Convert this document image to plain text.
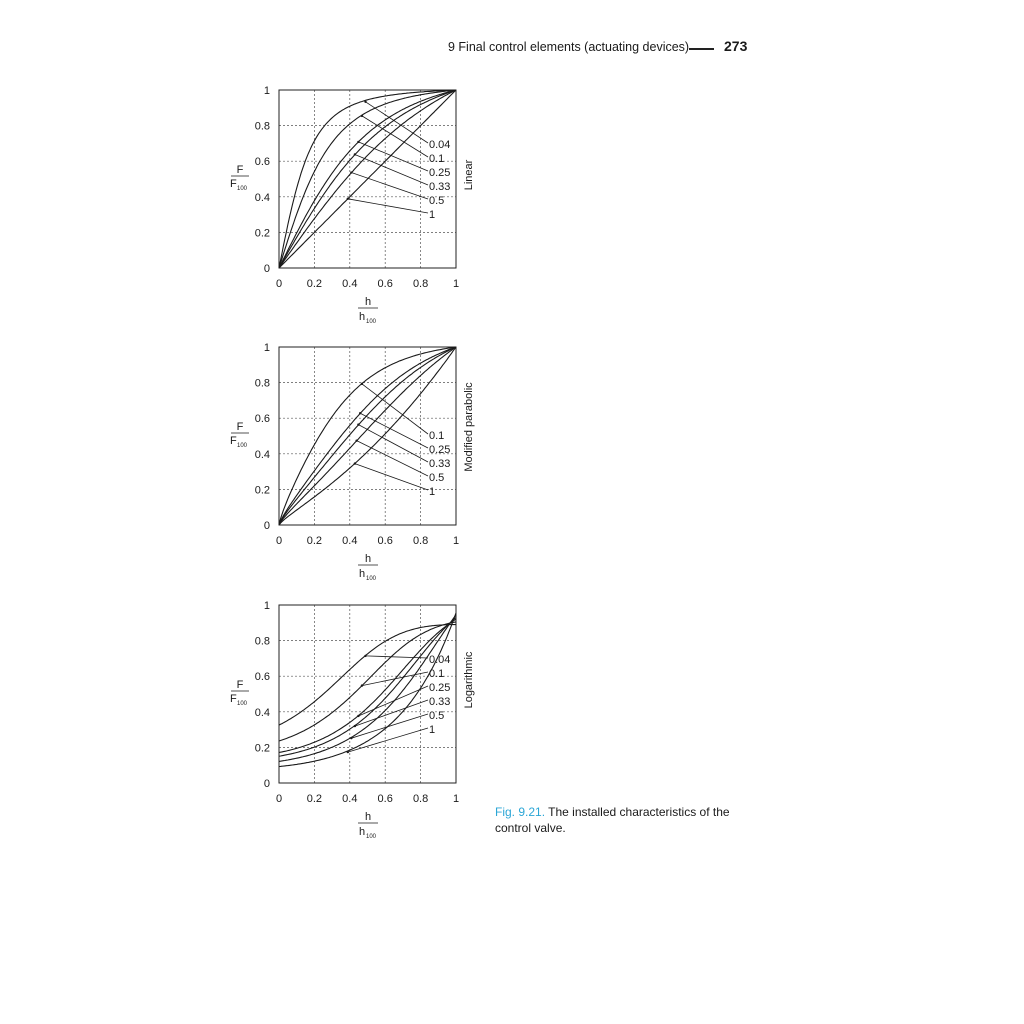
9 Final control elements (actuating devices) 273
Linear
h
h 100
F
F 100
0
0.2
0.4
0.6
0.8
1
0 0.2 0.4 0.6 0.8 1
0.04
0.1
0.25
0.33
0.5
1
Modified parabolic
h
h 100
F
F 100
0
0.2
0.4
0.6
0.8
1
0 0.2 0.4 0.6 0.8 1
0.1
0.25
0.33
0.5
1
Logarithmic
h
h 100
F
F 100
0
0.2
0.4
0.6
0.8
1
0 0.2 0.4 0.6 0.8 1
0.04
0.1
0.25
0.33
0.5
1
Fig. 9.21. The installed characteristics of the control valve.
